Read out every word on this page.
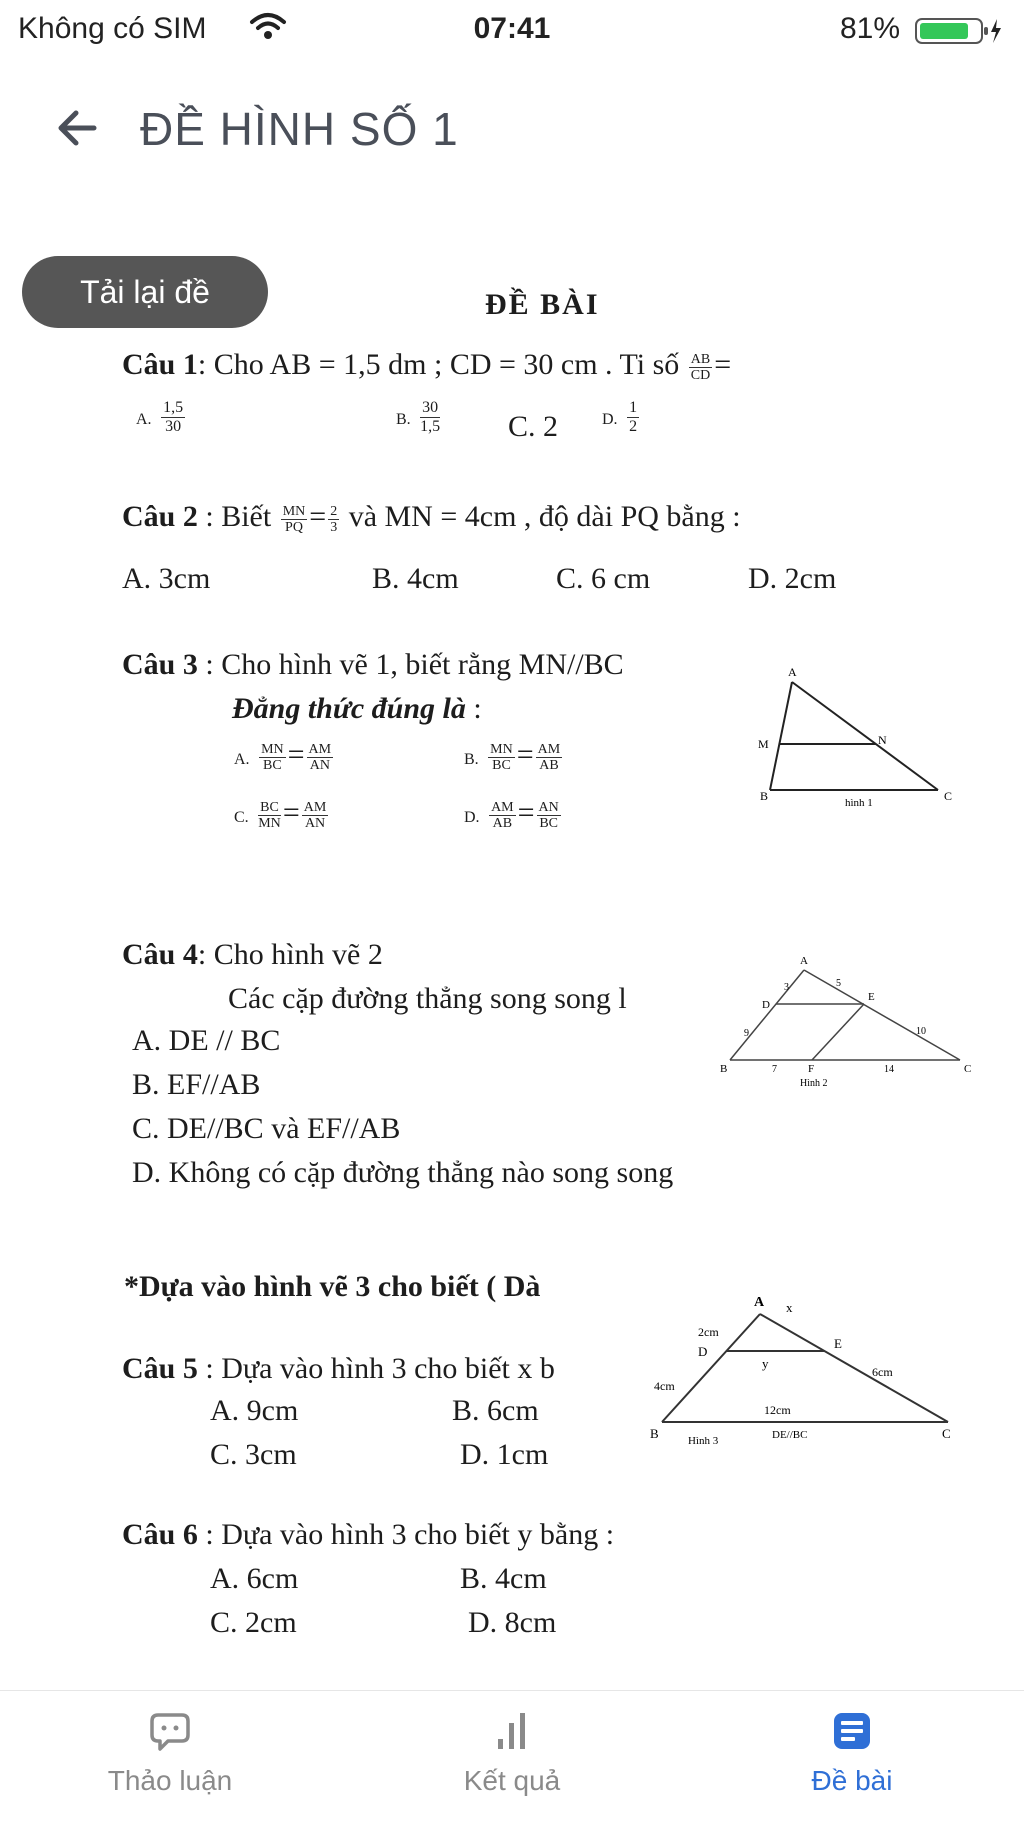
Không có SIM	07:41	81%
ĐỀ HÌNH SỐ 1
Tải lại đề	ĐỀ BÀI
Câu 1: Cho AB = 1,5 dm ; CD = 30 cm . Ti số $\frac{AB}{CD}$ =
A. $\frac{1,5}{30}$	B. $\frac{30}{1,5} C$. 2	D. $\frac{1}{2}$
Câu 2 : Biết $\frac{MN}{PQ} = \frac{2}{3}$ và MN = 4cm , độ dài PQ bằng :
A. 3cm	B. 4cm	C. 6 cm	D. 2cm
Câu 3 : Cho hình vẽ 1, biết rằng MN//BC
Đẳng thức đúng là :
A. $\frac{MN}{BC} = \frac{AM}{AN}$	B. $\frac{MN}{BC} = \frac{AM}{AB}$
C. $\frac{BC}{MN} = \frac{AM}{AN}$	D. $\frac{AM}{AB} = \frac{AN}{BC}$
A
M	N
B	C
hình 1
Câu 4: Cho hình vẽ 2
Các cặp đường thẳng song song l
A. DE // BC
B. EF//AB
C. DE//BC và EF//AB
D. Không có cặp đường thẳng nào song song
A
D
E
B	F	C
3	5
9	10
7	14
Hình 2
*Dựa vào hình vẽ 3 cho biết ( Dà
Câu 5 : Dựa vào hình 3 cho biết x b
A. 9cm	B. 6cm
C. 3cm	D. 1cm
A x
2cm
D
E
y
4cm
6cm
12cm
B	C
Hình 3	DE//BC
Câu 6 : Dựa vào hình 3 cho biết y bằng :
A. 6cm	B. 4cm
C. 2cm	D. 8cm
Thảo luận	Kết quả	Đề bài
